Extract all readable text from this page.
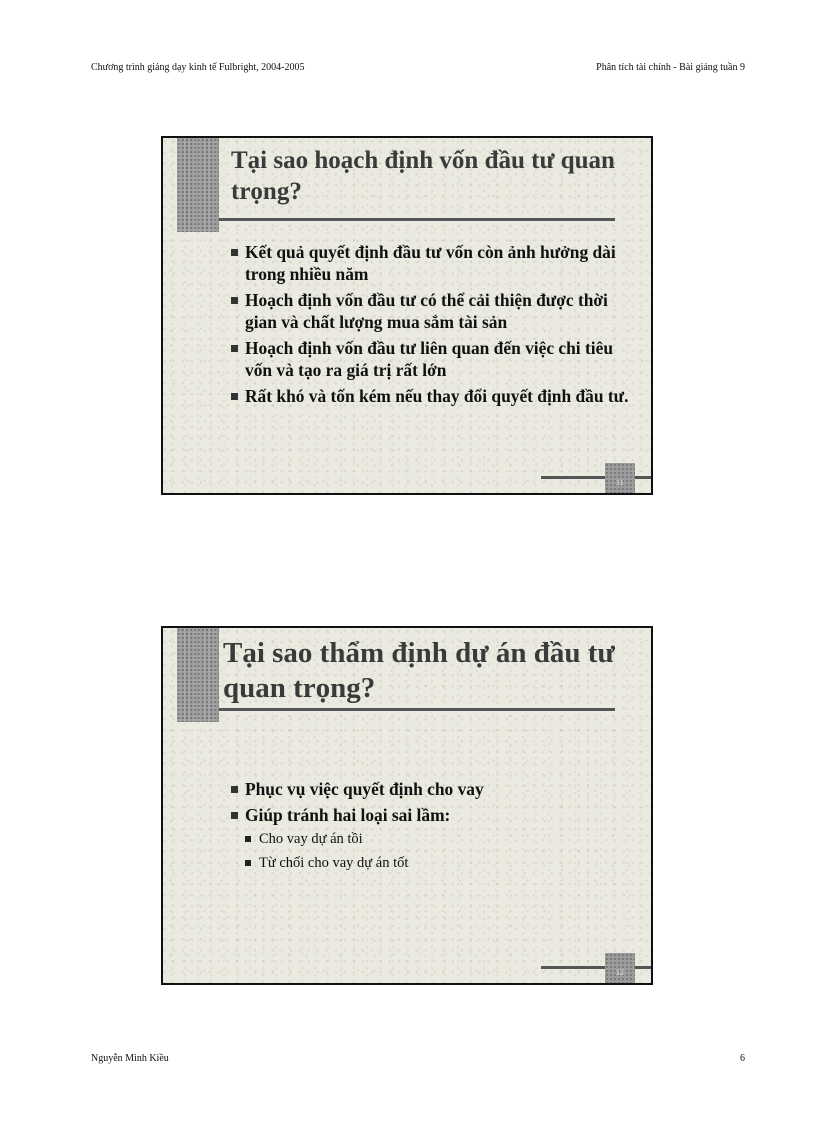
Chương trình giảng dạy kinh tế Fulbright, 2004-2005	Phân tích tài chính - Bài giảng tuần 9
Tại sao hoạch định vốn đầu tư quan trọng?
Kết quả quyết định đầu tư vốn còn ảnh hưởng dài trong nhiều năm
Hoạch định vốn đầu tư có thể cải thiện được thời gian và chất lượng mua sắm tài sản
Hoạch định vốn đầu tư liên quan đến việc chi tiêu vốn và tạo ra giá trị rất lớn
Rất khó và tốn kém nếu thay đổi quyết định đầu tư.
11
Tại sao thẩm định dự án đầu tư quan trọng?
Phục vụ việc quyết định cho vay
Giúp tránh hai loại sai lầm:
Cho vay dự án tồi
Từ chối cho vay dự án tốt
12
Nguyễn Minh Kiều	6
